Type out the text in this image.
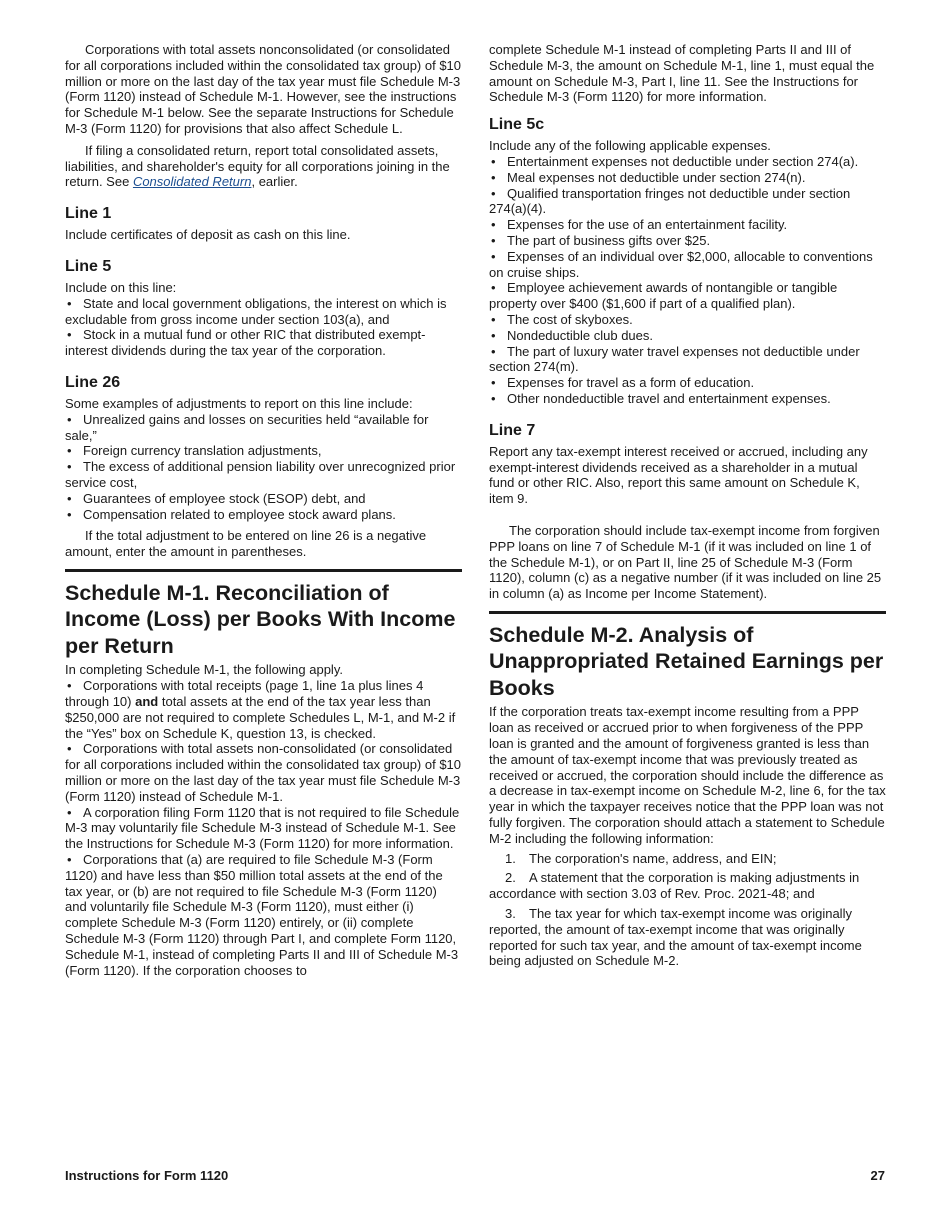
Corporations with total assets nonconsolidated (or consolidated for all corporations included within the consolidated tax group) of $10 million or more on the last day of the tax year must file Schedule M-3 (Form 1120) instead of Schedule M-1. However, see the instructions for Schedule M-1 below. See the separate Instructions for Schedule M-3 (Form 1120) for provisions that also affect Schedule L.

If filing a consolidated return, report total consolidated assets, liabilities, and shareholder's equity for all corporations joining in the return. See Consolidated Return, earlier.

Line 1

Include certificates of deposit as cash on this line.

Line 5

Include on this line:

• State and local government obligations, the interest on which is excludable from gross income under section 103(a), and

• Stock in a mutual fund or other RIC that distributed exempt-interest dividends during the tax year of the corporation.

Line 26

Some examples of adjustments to report on this line include:

• Unrealized gains and losses on securities held “available for sale,”

• Foreign currency translation adjustments,

• The excess of additional pension liability over unrecognized prior service cost,

• Guarantees of employee stock (ESOP) debt, and

• Compensation related to employee stock award plans.

If the total adjustment to be entered on line 26 is a negative amount, enter the amount in parentheses.

Schedule M-1. Reconciliation of Income (Loss) per Books With Income per Return

In completing Schedule M-1, the following apply.

• Corporations with total receipts (page 1, line 1a plus lines 4 through 10) and total assets at the end of the tax year less than $250,000 are not required to complete Schedules L, M-1, and M-2 if the “Yes” box on Schedule K, question 13, is checked.

• Corporations with total assets non-consolidated (or consolidated for all corporations included within the consolidated tax group) of $10 million or more on the last day of the tax year must file Schedule M-3 (Form 1120) instead of Schedule M-1.

• A corporation filing Form 1120 that is not required to file Schedule M-3 may voluntarily file Schedule M-3 instead of Schedule M-1. See the Instructions for Schedule M-3 (Form 1120) for more information.

• Corporations that (a) are required to file Schedule M-3 (Form 1120) and have less than $50 million total assets at the end of the tax year, or (b) are not required to file Schedule M-3 (Form 1120) and voluntarily file Schedule M-3 (Form 1120), must either (i) complete Schedule M-3 (Form 1120) entirely, or (ii) complete Schedule M-3 (Form 1120) through Part I, and complete Form 1120, Schedule M-1, instead of completing Parts II and III of Schedule M-3 (Form 1120). If the corporation chooses to

complete Schedule M-1 instead of completing Parts II and III of Schedule M-3, the amount on Schedule M-1, line 1, must equal the amount on Schedule M-3, Part I, line 11. See the Instructions for Schedule M-3 (Form 1120) for more information.

Line 5c

Include any of the following applicable expenses.

• Entertainment expenses not deductible under section 274(a).

• Meal expenses not deductible under section 274(n).

• Qualified transportation fringes not deductible under section 274(a)(4).

• Expenses for the use of an entertainment facility.

• The part of business gifts over $25.

• Expenses of an individual over $2,000, allocable to conventions on cruise ships.

• Employee achievement awards of nontangible or tangible property over $400 ($1,600 if part of a qualified plan).

• The cost of skyboxes.

• Nondeductible club dues.

• The part of luxury water travel expenses not deductible under section 274(m).

• Expenses for travel as a form of education.

• Other nondeductible travel and entertainment expenses.

Line 7

Report any tax-exempt interest received or accrued, including any exempt-interest dividends received as a shareholder in a mutual fund or other RIC. Also, report this same amount on Schedule K, item 9.

The corporation should include tax-exempt income from forgiven PPP loans on line 7 of Schedule M-1 (if it was included on line 1 of the Schedule M-1), or on Part II, line 25 of Schedule M-3 (Form 1120), column (c) as a negative number (if it was included on line 25 in column (a) as Income per Income Statement).

Schedule M-2. Analysis of Unappropriated Retained Earnings per Books

If the corporation treats tax-exempt income resulting from a PPP loan as received or accrued prior to when forgiveness of the PPP loan is granted and the amount of forgiveness granted is less than the amount of tax-exempt income that was previously treated as received or accrued, the corporation should include the difference as a decrease in tax-exempt income on Schedule M-2, line 6, for the tax year in which the taxpayer receives notice that the PPP loan was not fully forgiven. The corporation should attach a statement to Schedule M-2 including the following information:

1. The corporation's name, address, and EIN;

2. A statement that the corporation is making adjustments in accordance with section 3.03 of Rev. Proc. 2021-48; and

3. The tax year for which tax-exempt income was originally reported, the amount of tax-exempt income that was originally reported for such tax year, and the amount of tax-exempt income being adjusted on Schedule M-2.

Instructions for Form 1120	27
